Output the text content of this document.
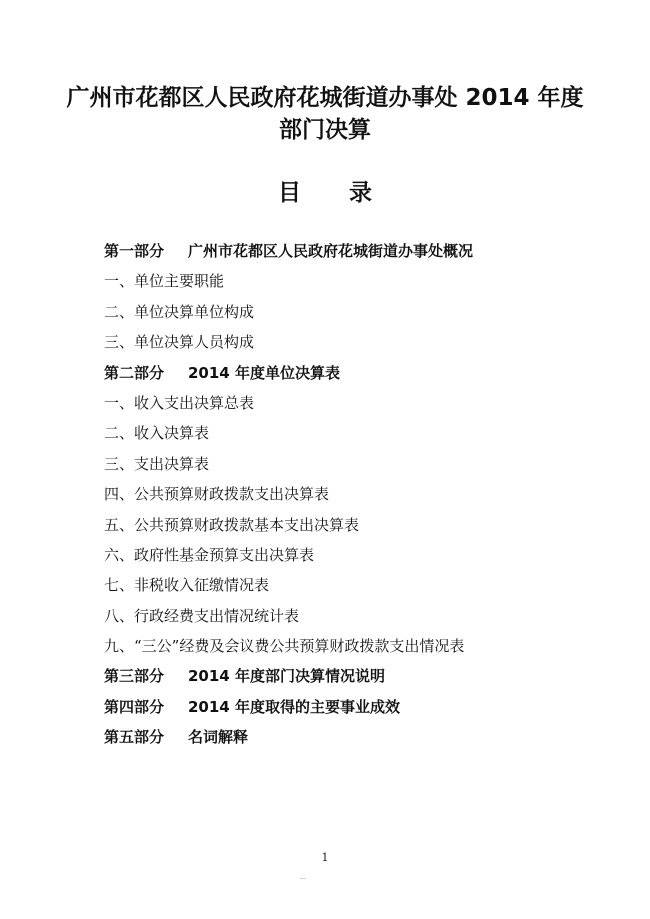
广州市花都区人民政府花城街道办事处 2014 年度
部门决算
目录
第一部分 广州市花都区人民政府花城街道办事处概况
一、单位主要职能
二、单位决算单位构成
三、单位决算人员构成
第二部分 2014 年度单位决算表
一、收入支出决算总表
二、收入决算表
三、支出决算表
四、公共预算财政拨款支出决算表
五、公共预算财政拨款基本支出决算表
六、政府性基金预算支出决算表
七、非税收入征缴情况表
八、行政经费支出情况统计表
九、“三公”经费及会议费公共预算财政拨款支出情况表
第三部分 2014 年度部门决算情况说明
第四部分 2014 年度取得的主要事业成效
第五部分 名词解释
1
